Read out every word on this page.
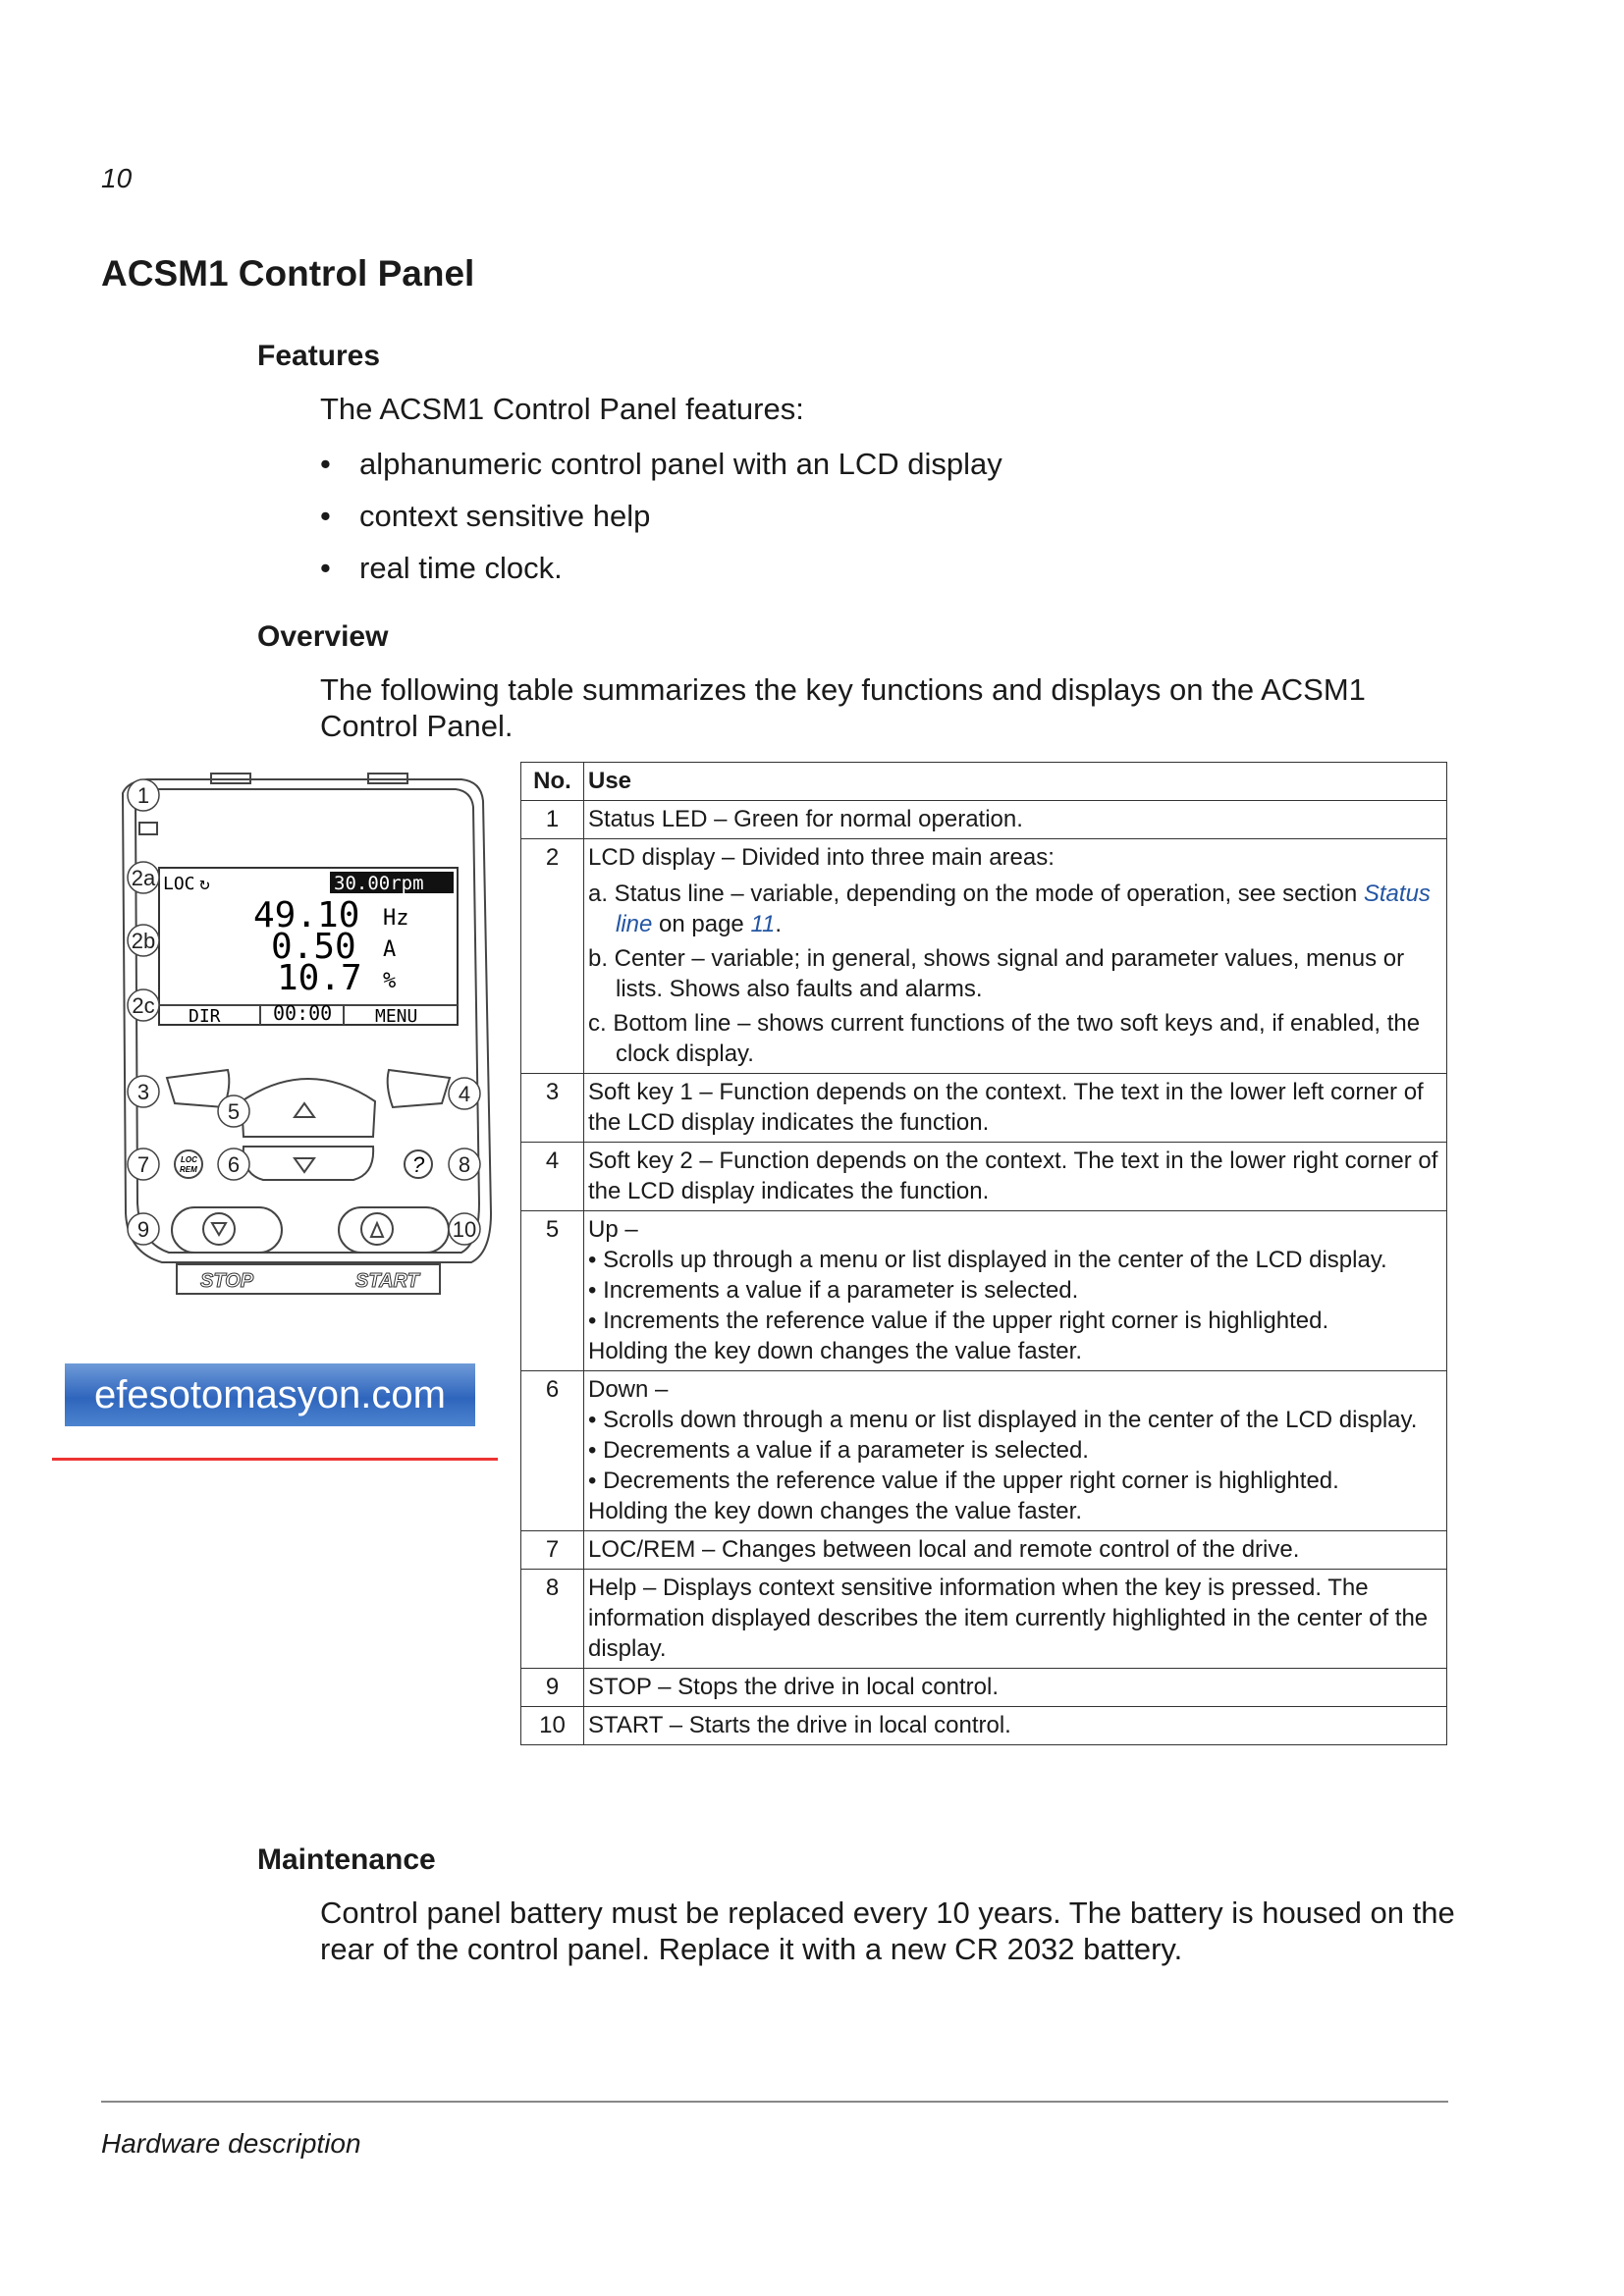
10
ACSM1 Control Panel
Features

The ACSM1 Control Panel features:

• alphanumeric control panel with an LCD display
• context sensitive help
• real time clock.
Overview

The following table summarizes the key functions and displays on the ACSM1 Control Panel.

LOC ↻	30.00rpm
49.10 Hz
0.50 A
10.7 %
DIR	00:00 MENU
LOC
REM	?
STOP	START
1
2a
2b
2c
3	4
5
7	6	8
9	10
efesotomasyon.com
No.	Use
1	Status LED – Green for normal operation.
2	LCD display – Divided into three main areas:
a. Status line – variable, depending on the mode of operation, see section Status line on page 11.
b. Center – variable; in general, shows signal and parameter values, menus or lists. Shows also faults and alarms.
c. Bottom line – shows current functions of the two soft keys and, if enabled, the clock display.

3	Soft key 1 – Function depends on the context. The text in the lower left corner of the LCD display indicates the function.
4	Soft key 2 – Function depends on the context. The text in the lower right corner of the LCD display indicates the function.
5	Up –
• Scrolls up through a menu or list displayed in the center of the LCD display.
• Increments a value if a parameter is selected.
• Increments the reference value if the upper right corner is highlighted.
Holding the key down changes the value faster.

6	Down –
• Scrolls down through a menu or list displayed in the center of the LCD display.
• Decrements a value if a parameter is selected.
• Decrements the reference value if the upper right corner is highlighted.
Holding the key down changes the value faster.

7	LOC/REM – Changes between local and remote control of the drive.
8	Help – Displays context sensitive information when the key is pressed. The information displayed describes the item currently highlighted in the center of the display.
9	STOP – Stops the drive in local control.
10	START – Starts the drive in local control.
Maintenance

Control panel battery must be replaced every 10 years. The battery is housed on the rear of the control panel. Replace it with a new CR 2032 battery.

Hardware description
